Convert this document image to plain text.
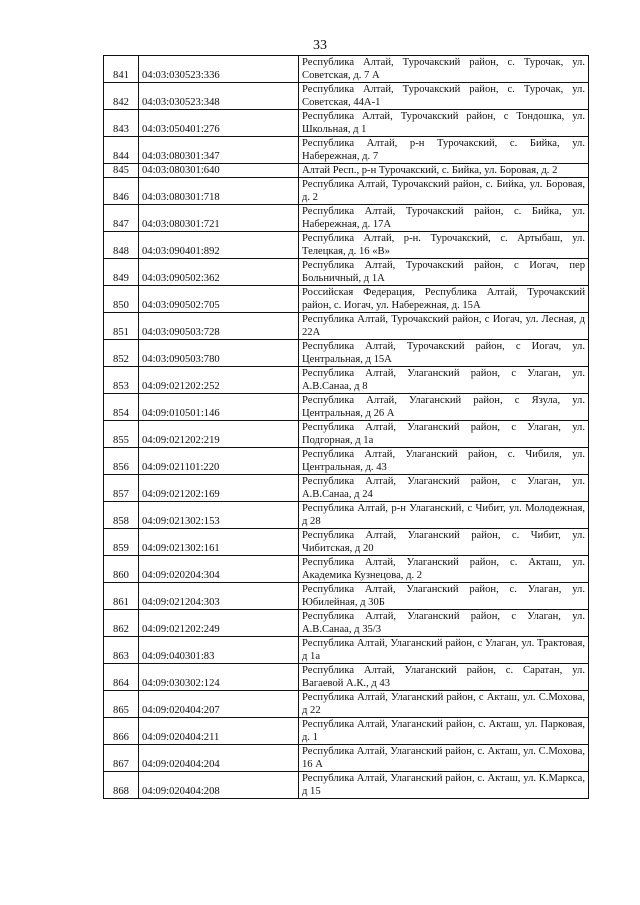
33
841	04:03:030523:336	Республика Алтай, Турочакский район, с. Турочак, ул. Советская, д. 7 А
842	04:03:030523:348	Республика Алтай, Турочакский район, с. Турочак, ул. Советская, 44А-1
843	04:03:050401:276	Республика Алтай, Турочакский район, с Тондошка, ул. Школьная, д 1
844	04:03:080301:347	Республика Алтай, р-н Турочакский, с. Бийка, ул. Набережная, д. 7
845	04:03:080301:640	Алтай Респ., р-н Турочакский, с. Бийка, ул. Боровая, д. 2
846	04:03:080301:718	Республика Алтай, Турочакский район, с. Бийка, ул. Боровая, д. 2
847	04:03:080301:721	Республика Алтай, Турочакский район, с. Бийка, ул. Набережная, д. 17А
848	04:03:090401:892	Республика Алтай, р-н. Турочакский, с. Артыбаш, ул. Телецкая, д. 16 «В»
849	04:03:090502:362	Республика Алтай, Турочакский район, с Иогач, пер Больничный, д 1А
850	04:03:090502:705	Российская Федерация, Республика Алтай, Турочакский район, с. Иогач, ул. Набережная, д. 15А
851	04:03:090503:728	Республика Алтай, Турочакский район, с Иогач, ул. Лесная, д 22А
852	04:03:090503:780	Республика Алтай, Турочакский район, с Иогач, ул. Центральная, д 15А
853	04:09:021202:252	Республика Алтай, Улаганский район, с Улаган, ул. А.В.Санаа, д 8
854	04:09:010501:146	Республика Алтай, Улаганский район, с Язула, ул. Центральная, д 26 А
855	04:09:021202:219	Республика Алтай, Улаганский район, с Улаган, ул. Подгорная, д 1а
856	04:09:021101:220	Республика Алтай, Улаганский район, с. Чибиля, ул. Центральная, д. 43
857	04:09:021202:169	Республика Алтай, Улаганский район, с Улаган, ул. А.В.Санаа, д 24
858	04:09:021302:153	Республика Алтай, р-н Улаганский, с Чибит, ул. Молодежная, д 28
859	04:09:021302:161	Республика Алтай, Улаганский район, с. Чибит, ул. Чибитская, д 20
860	04:09:020204:304	Республика Алтай, Улаганский район, с. Акташ, ул. Академика Кузнецова, д. 2
861	04:09:021204:303	Республика Алтай, Улаганский район, с. Улаган, ул. Юбилейная, д 30Б
862	04:09:021202:249	Республика Алтай, Улаганский район, с Улаган, ул. А.В.Санаа, д 35/3
863	04:09:040301:83	Республика Алтай, Улаганский район, с Улаган, ул. Трактовая, д 1а
864	04:09:030302:124	Республика Алтай, Улаганский район, с. Саратан, ул. Вагаевой А.К., д 43
865	04:09:020404:207	Республика Алтай, Улаганский район, с Акташ, ул. С.Мохова, д 22
866	04:09:020404:211	Республика Алтай, Улаганский район, с. Акташ, ул. Парковая, д. 1
867	04:09:020404:204	Республика Алтай, Улаганский район, с. Акташ, ул. С.Мохова, 16 А
868	04:09:020404:208	Республика Алтай, Улаганский район, с. Акташ, ул. К.Маркса, д 15
